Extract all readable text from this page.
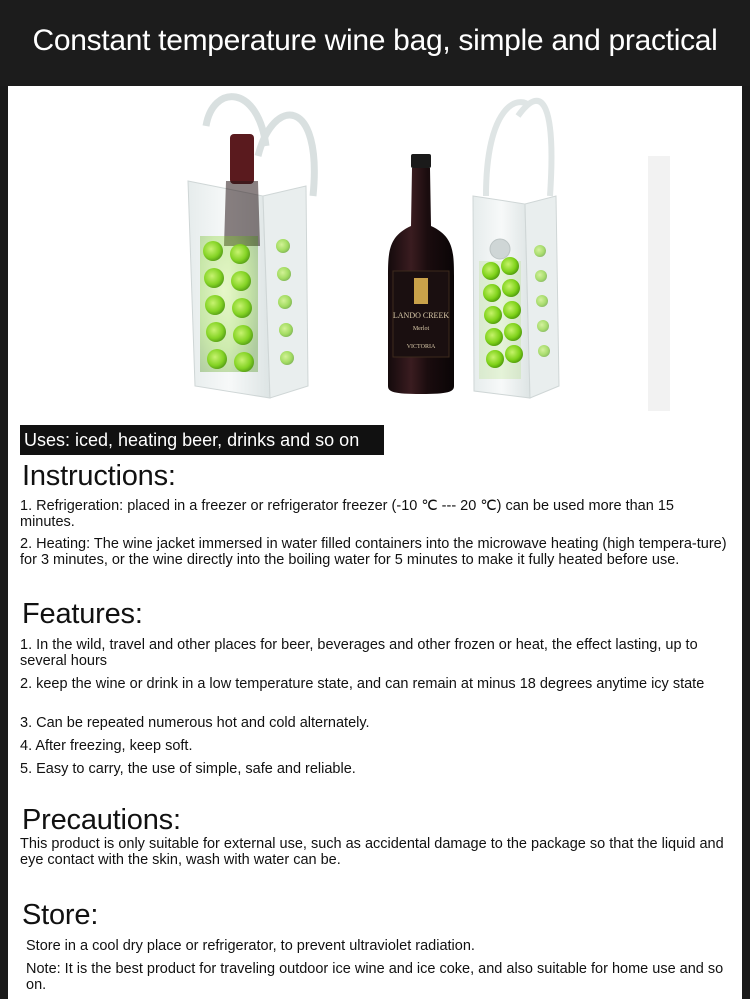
Constant temperature wine bag, simple and practical
LANDO CREEK
Merlot
VICTORIA
Uses: iced, heating beer, drinks and so on
Instructions:

1. Refrigeration: placed in a freezer or refrigerator freezer (-10 ℃ --- 20 ℃) can be used more than 15 minutes.

2. Heating: The wine jacket immersed in water filled containers into the microwave heating (high tempera-ture) for 3 minutes, or the wine directly into the boiling water for 5 minutes to make it fully heated before use.

Features:

1. In the wild, travel and other places for beer, beverages and other frozen or heat, the effect lasting, up to several hours

2. keep the wine or drink in a low temperature state, and can remain at minus 18 degrees anytime icy state

3. Can be repeated numerous hot and cold alternately.

4. After freezing, keep soft.

5. Easy to carry, the use of simple, safe and reliable.

Precautions:

This product is only suitable for external use, such as accidental damage to the package so that the liquid and eye contact with the skin, wash with water can be.

Store:

Store in a cool dry place or refrigerator, to prevent ultraviolet radiation.

Note: It is the best product for traveling outdoor ice wine and ice coke, and also suitable for home use and so on.
